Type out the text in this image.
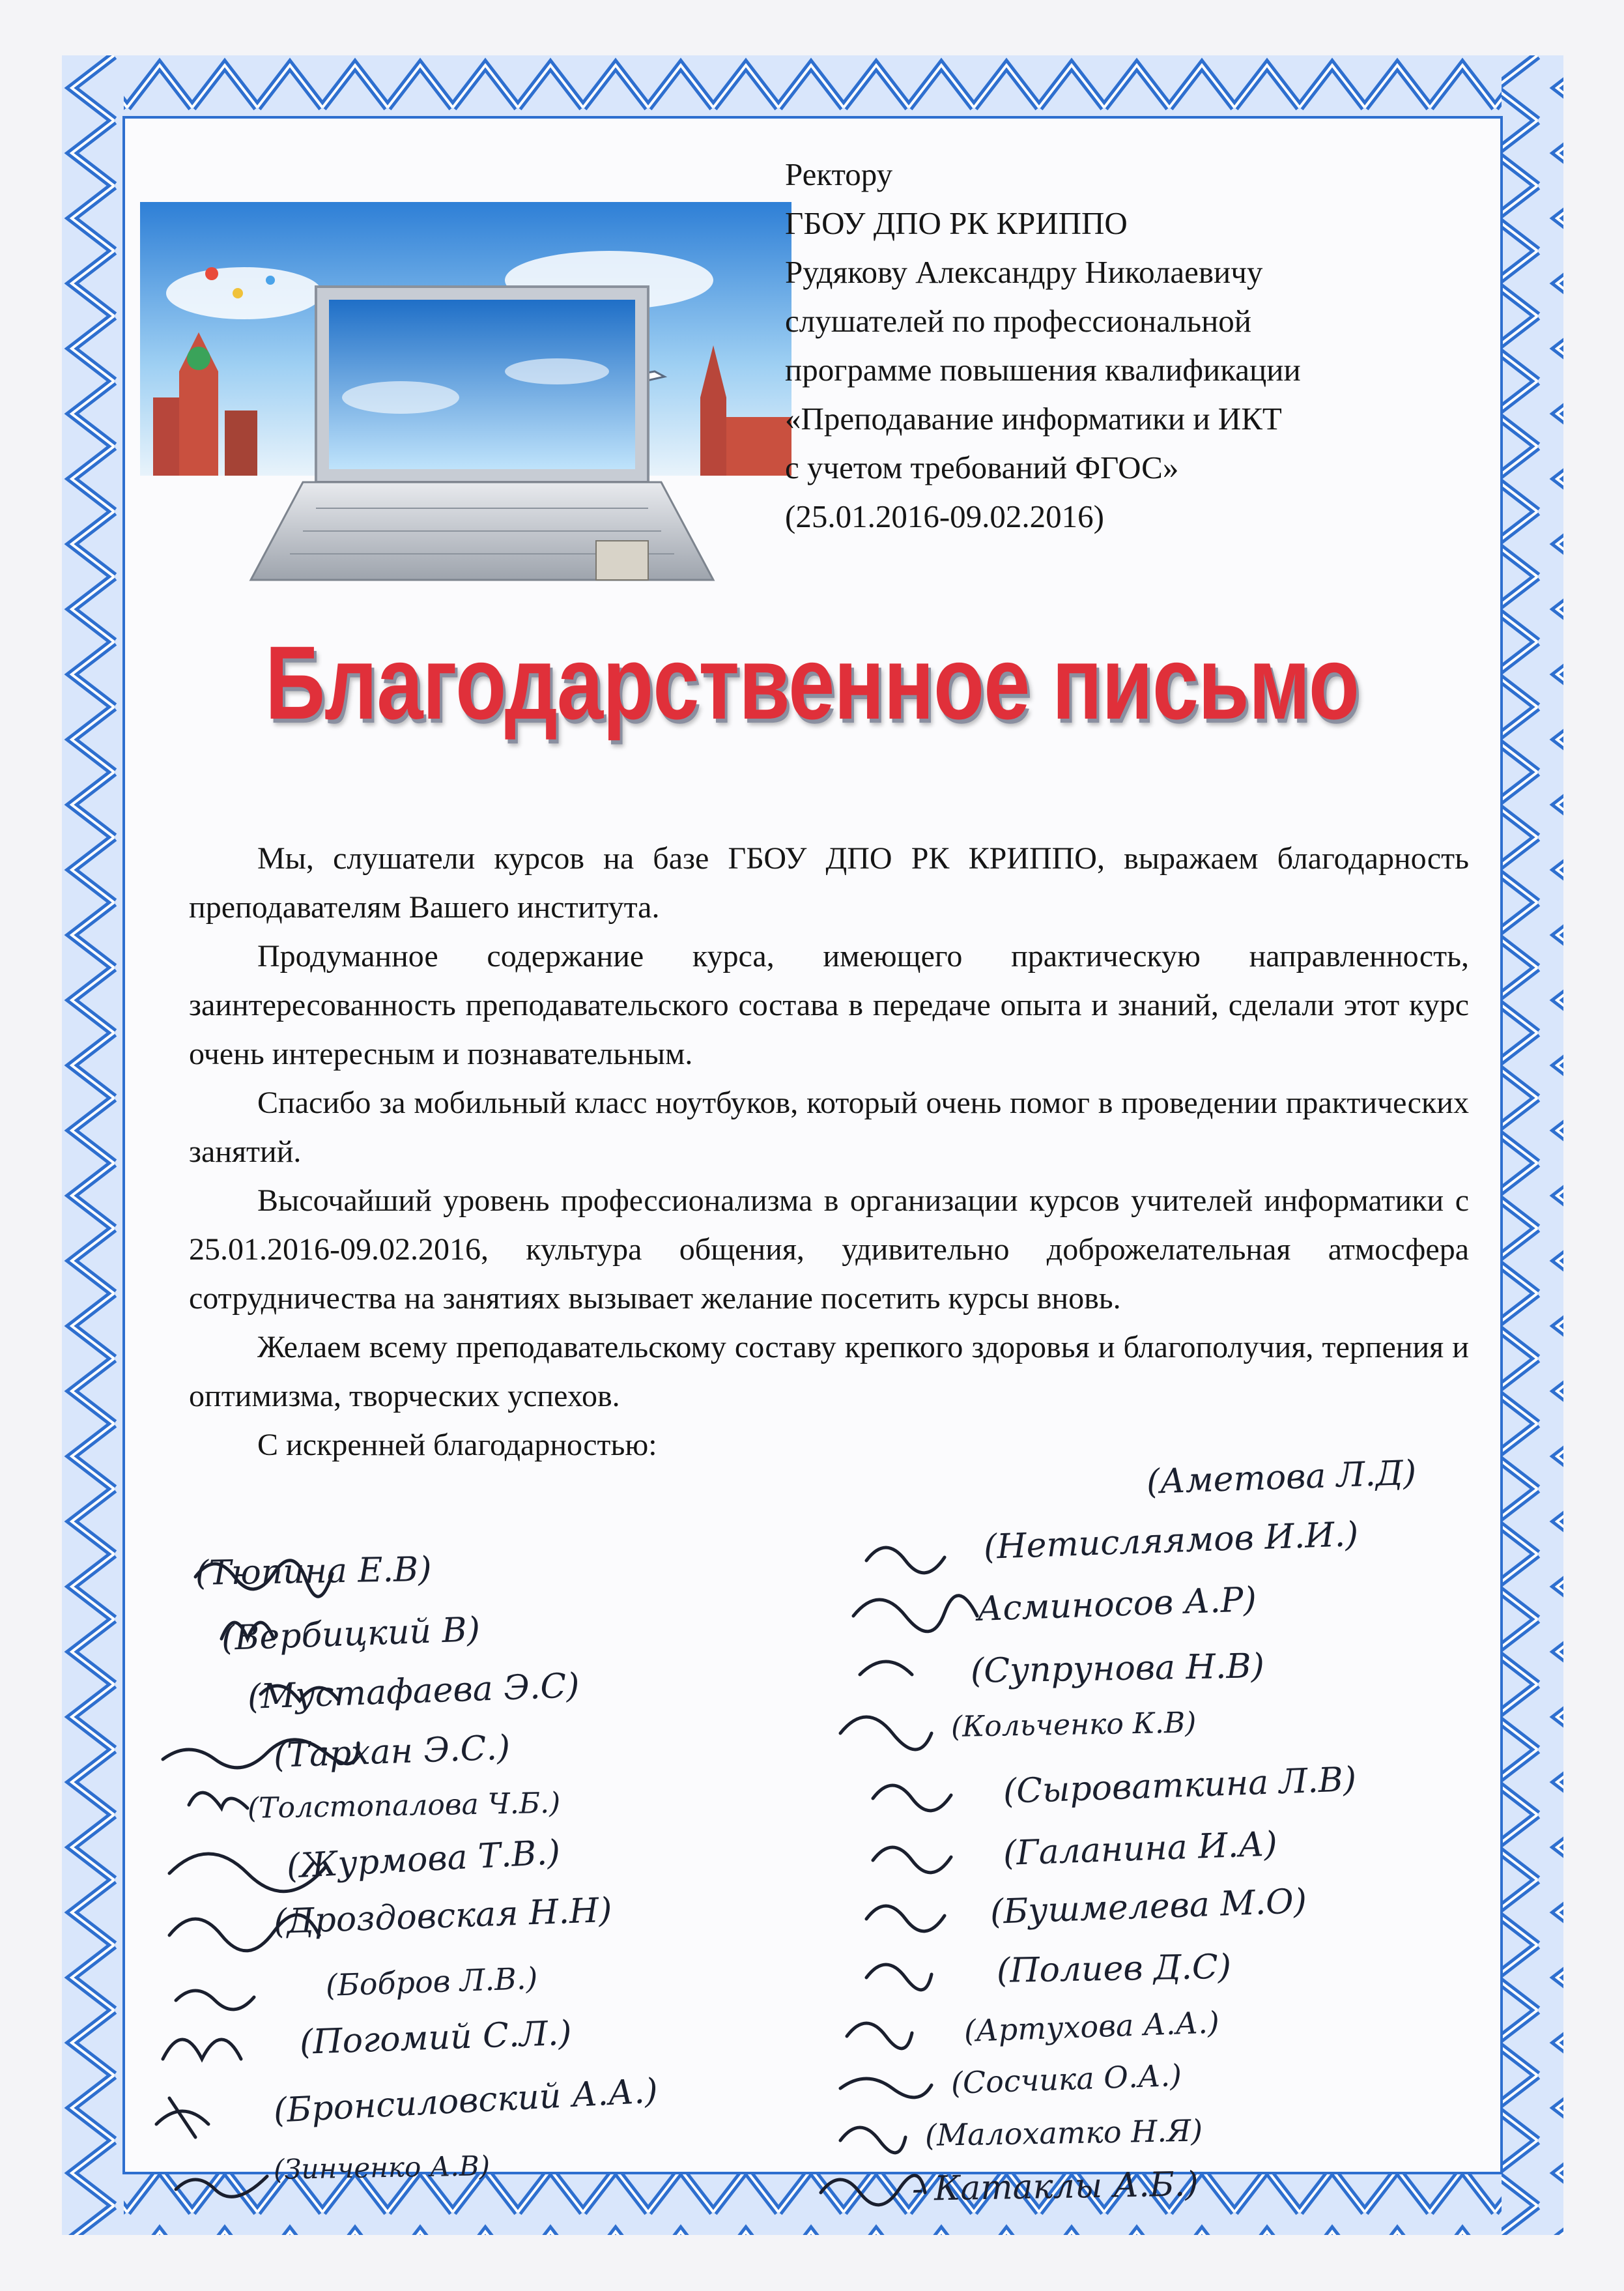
Ректору
ГБОУ ДПО РК КРИППО
Рудякову Александру Николаевичу
слушателей по профессиональной
программе повышения квалификации
«Преподавание информатики и ИКТ
с учетом требований ФГОС»
(25.01.2016-09.02.2016)
Благодарственное письмо

Мы, слушатели курсов на базе ГБОУ ДПО РК КРИППО, выражаем благодарность преподавателям Вашего института.

Продуманное содержание курса, имеющего практическую направленность, заинтересованность преподавательского состава в передаче опыта и знаний, сделали этот курс очень интересным и познавательным.

Спасибо за мобильный класс ноутбуков, который очень помог в проведении практических занятий.

Высочайший уровень профессионализма в организации курсов учителей информатики с 25.01.2016-09.02.2016, культура общения, удивительно доброжелательная атмосфера сотрудничества на занятиях вызывает желание посетить курсы вновь.

Желаем всему преподавательскому составу крепкого здоровья и благополучия, терпения и оптимизма, творческих успехов.

С искренней благодарностью:

(Тюпина Е.В)
(Вербицкий В)
(Мустафаева Э.С)
(Тархан Э.С.)
(Толстопалова Ч.Б.)
(Журмова Т.В.)
(Дроздовская Н.Н)
(Бобров Л.В.)
(Погомий С.Л.)
(Бронсиловский А.А.)
(Зинченко А.В)
(Аметова Л.Д)
(Нетисляямов И.И.)
Асминосов А.Р)
(Супрунова Н.В)
(Кольченко К.В)
(Сыроваткина Л.В)
(Галанина И.А)
(Бушмелева М.О)
(Полиев Д.С)
(Артухова А.А.)
(Сосчика О.А.)
(Малохатко Н.Я)
- Катаклы А.Б.)
